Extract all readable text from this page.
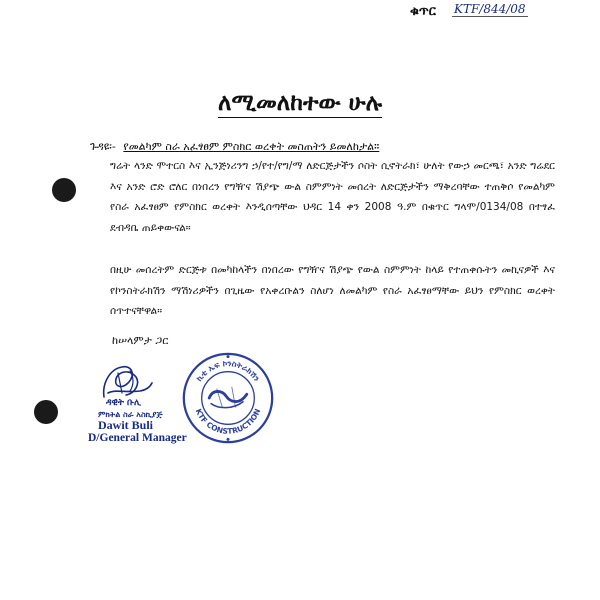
ቁጥር KTF/844/08
ለሚመለከተው ሁሉ
ጉዳዩ፡- የመልካም ስራ አፈፃፀም ምስክር ወረቀት መስጠትን ይመለከታል።

ግሬት ላንድ ሞተርስ እና ኢንጅነሪንግ ኃ/የተ/የግ/ማ ለድርጅታችን ሶስት ሲኖትራክ፣ ሁለት የውኃ መርጫ፣ አንድ ግሬደር እና አንድ ሮድ ሮለር በነበረን የግዥና ሽያጭ ውል ስምምነት መሰረት ለድርጅታችን ማቅረባቸው ተጠቅሶ የመልካም የስራ አፈፃፀም የምስክር ወረቀት እንዲሰጣቸው ህዳር 14 ቀን 2008 ዓ.ም በቁጥር ግላሞ/0134/08 በተፃፈ ደብዳቤ ጠይቀውናል።

በዚሁ መሰረትም ድርጅቱ በመካከላችን በነበረው የግዥና ሽያጭ የውል ስምምነት ከላይ የተጠቀሱትን መኪናዎች እና የኮንስትራክሽን ማሽነሪዎችን በጊዜው የአቀረቡልን ስለሆነ ለመልካም የስራ አፈፃፀማቸው ይህን የምስክር ወረቀት ሰጥተናቸዋል።

ከሠላምታ ጋር
ዳዊት ቡሊ
ምክትል ስራ አስኪያጅ
Dawit Buli
D/General Manager
ኪቲ ኤፍ ኮንስትራክሽን
KTF CONSTRUCTION
